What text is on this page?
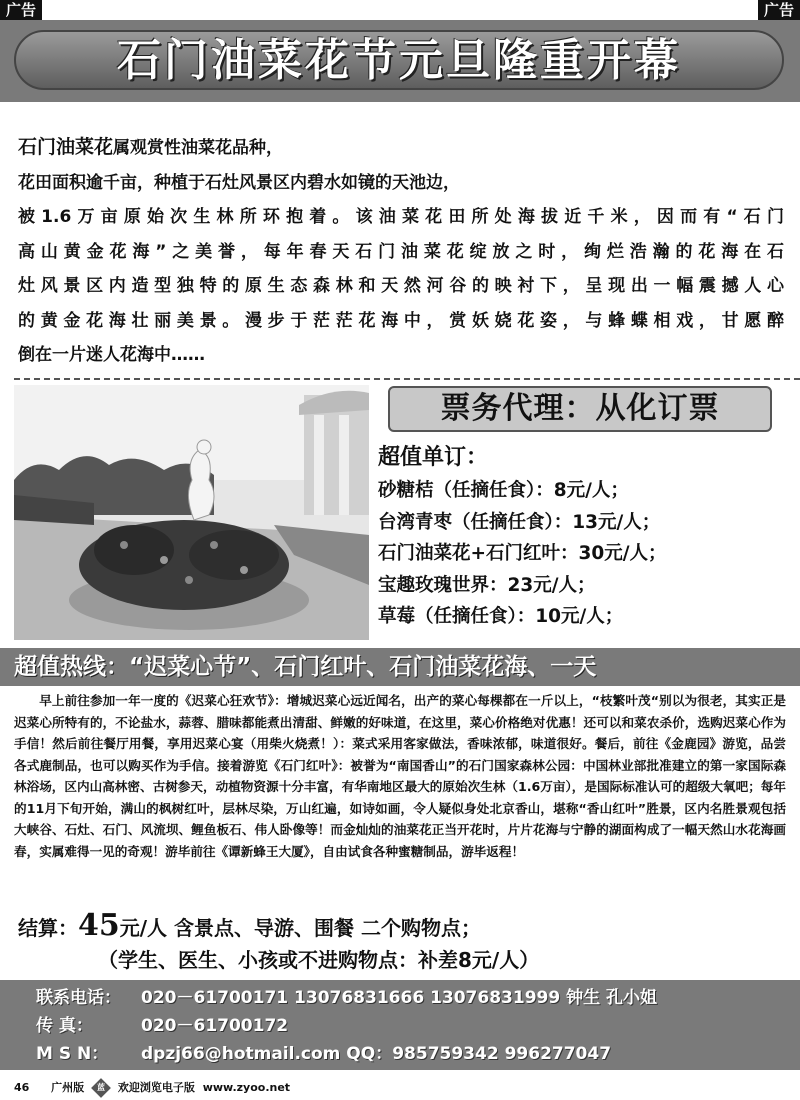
广告	广告
石门油菜花节元旦隆重开幕

石门油菜花属观赏性油菜花品种，

花田面积逾千亩，种植于石灶风景区内碧水如镜的天池边，

被1.6万亩原始次生林所环抱着。该油菜花田所处海拔近千米，因而有“石门

高山黄金花海”之美誉，每年春天石门油菜花绽放之时，绚烂浩瀚的花海在石

灶风景区内造型独特的原生态森林和天然河谷的映衬下，呈现出一幅震撼人心

的黄金花海壮丽美景。漫步于茫茫花海中，赏妖娆花姿，与蜂蝶相戏，甘愿醉

倒在一片迷人花海中……

票务代理：从化订票
超值单订：
砂糖桔（任摘任食）：8元/人；
台湾青枣（任摘任食）：13元/人；
石门油菜花+石门红叶：30元/人；
宝趣玫瑰世界：23元/人；
草莓（任摘任食）：10元/人；
超值热线：“迟菜心节”、石门红叶、石门油菜花海、一天

早上前往参加一年一度的《迟菜心狂欢节》：增城迟菜心远近闻名，出产的菜心每棵都在一斤以上，“枝繁叶茂“别以为很老，其实正是迟菜心所特有的，不论盐水，蒜蓉、腊味都能煮出清甜、鲜嫩的好味道，在这里，菜心价格绝对优惠！还可以和菜农杀价，选购迟菜心作为手信！然后前往餐厅用餐，享用迟菜心宴（用柴火烧煮！）：菜式采用客家做法，香味浓郁，味道很好。餐后，前往《金鹿园》游览，品尝各式鹿制品，也可以购买作为手信。接着游览《石门红叶》：被誉为“南国香山”的石门国家森林公园：中国林业部批准建立的第一家国际森林浴场，区内山高林密、古树参天，动植物资源十分丰富，有华南地区最大的原始次生林（1.6万亩），是国际标准认可的超级大氧吧；每年的11月下旬开始，满山的枫树红叶，层林尽染，万山红遍，如诗如画，令人疑似身处北京香山，堪称“香山红叶”胜景，区内名胜景观包括大峡谷、石灶、石门、风流坝、鲤鱼板石、伟人卧像等！而金灿灿的油菜花正当开花时，片片花海与宁静的湖面构成了一幅天然山水花海画春，实属难得一见的奇观！游毕前往《谭新蜂王大厦》，自由试食各种蜜糖制品，游毕返程！

结算：45元/人 含景点、导游、围餐 二个购物点；
（学生、医生、小孩或不进购物点：补差8元/人）
联系电话： 020－61700171 13076831666 13076831999 钟生 孔小姐
传 真：	020－61700172
M S N： dpzj66@hotmail.com QQ：985759342 996277047
46 广州版 蓝 欢迎浏览电子版 www.zyoo.net
